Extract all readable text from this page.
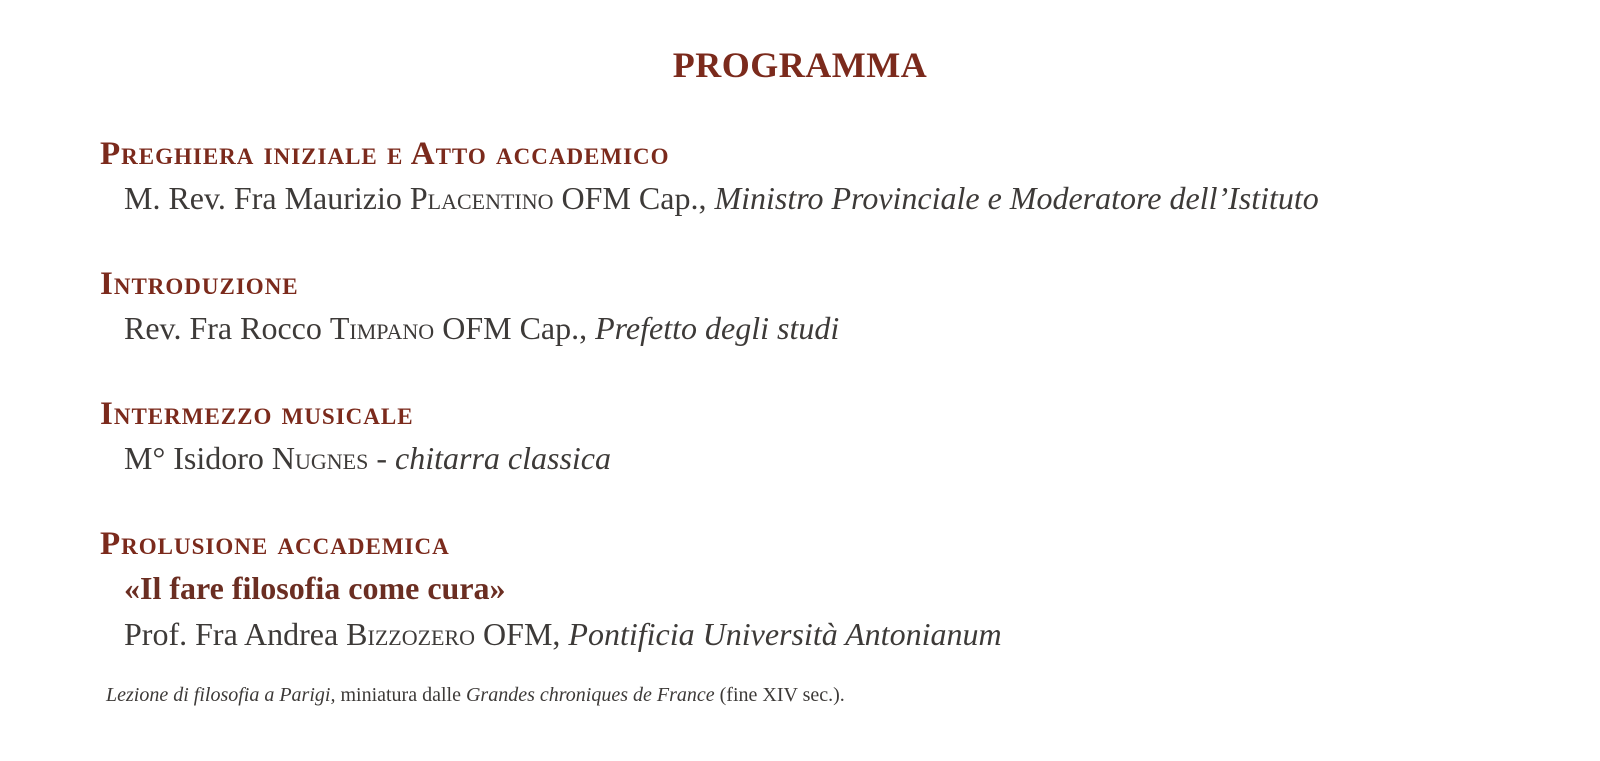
PROGRAMMA
Preghiera iniziale e Atto accademico
M. Rev. Fra Maurizio Placentino OFM Cap., Ministro Provinciale e Moderatore dell’Istituto
Introduzione
Rev. Fra Rocco Timpano OFM Cap., Prefetto degli studi
Intermezzo musicale
M° Isidoro Nugnes - chitarra classica
Prolusione accademica
«Il fare filosofia come cura»
Prof. Fra Andrea Bizzozero OFM, Pontificia Università Antonianum
Lezione di filosofia a Parigi, miniatura dalle Grandes chroniques de France (fine XIV sec.).
